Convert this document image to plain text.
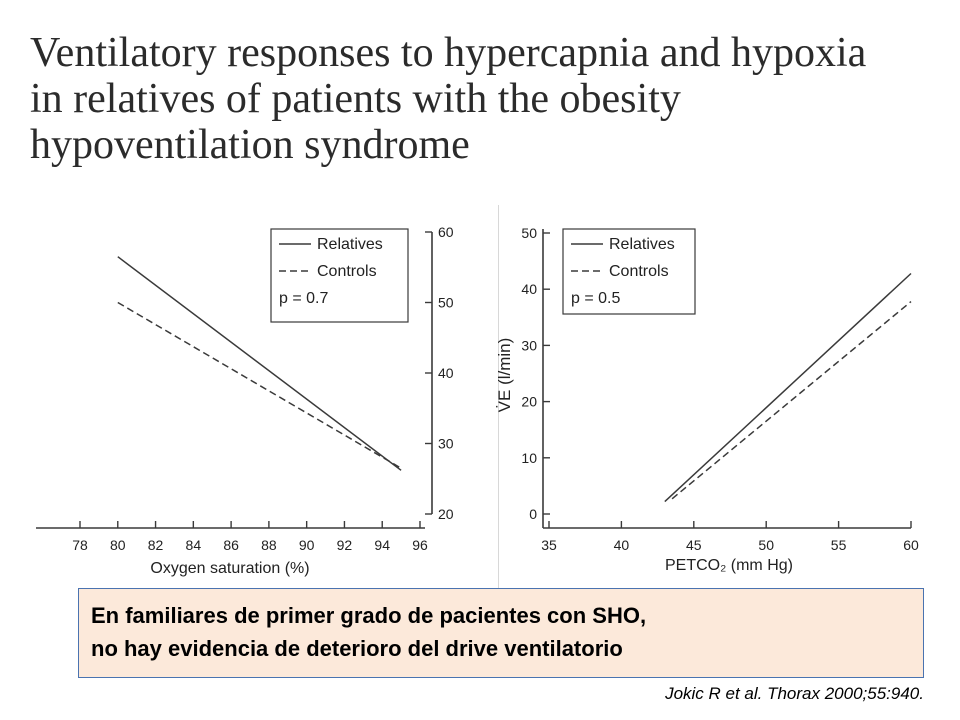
Ventilatory responses to hypercapnia and hypoxia
in relatives of patients with the obesity
hypoventilation syndrome
78 80 82 84 86 88 90 92 94 96
20
30
40
50
60
Oxygen saturation (%)
Relatives
Controls
p = 0.7
35	40	45	50	55	60
0
10
20
30
40
50
PETCO₂ (mm Hg)
V̇E (l/min)
Relatives
Controls
p = 0.5
En familiares de primer grado de pacientes con SHO,
no hay evidencia de deterioro del drive ventilatorio
Jokic R et al. Thorax 2000;55:940.
